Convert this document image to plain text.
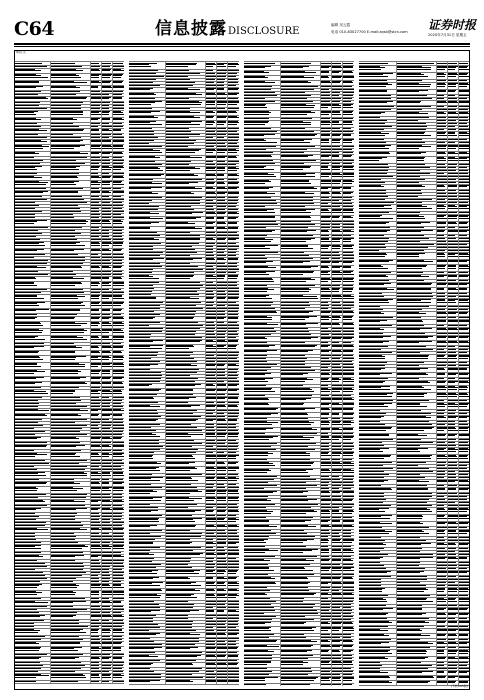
C64	信息披露DISCLOSURE
编辑 吴云霞
电话 010-83027700 E-mail:zqsb@stcn.com 证券时报
2020年7月31日 星期五
单位:元
(下转C65版)
